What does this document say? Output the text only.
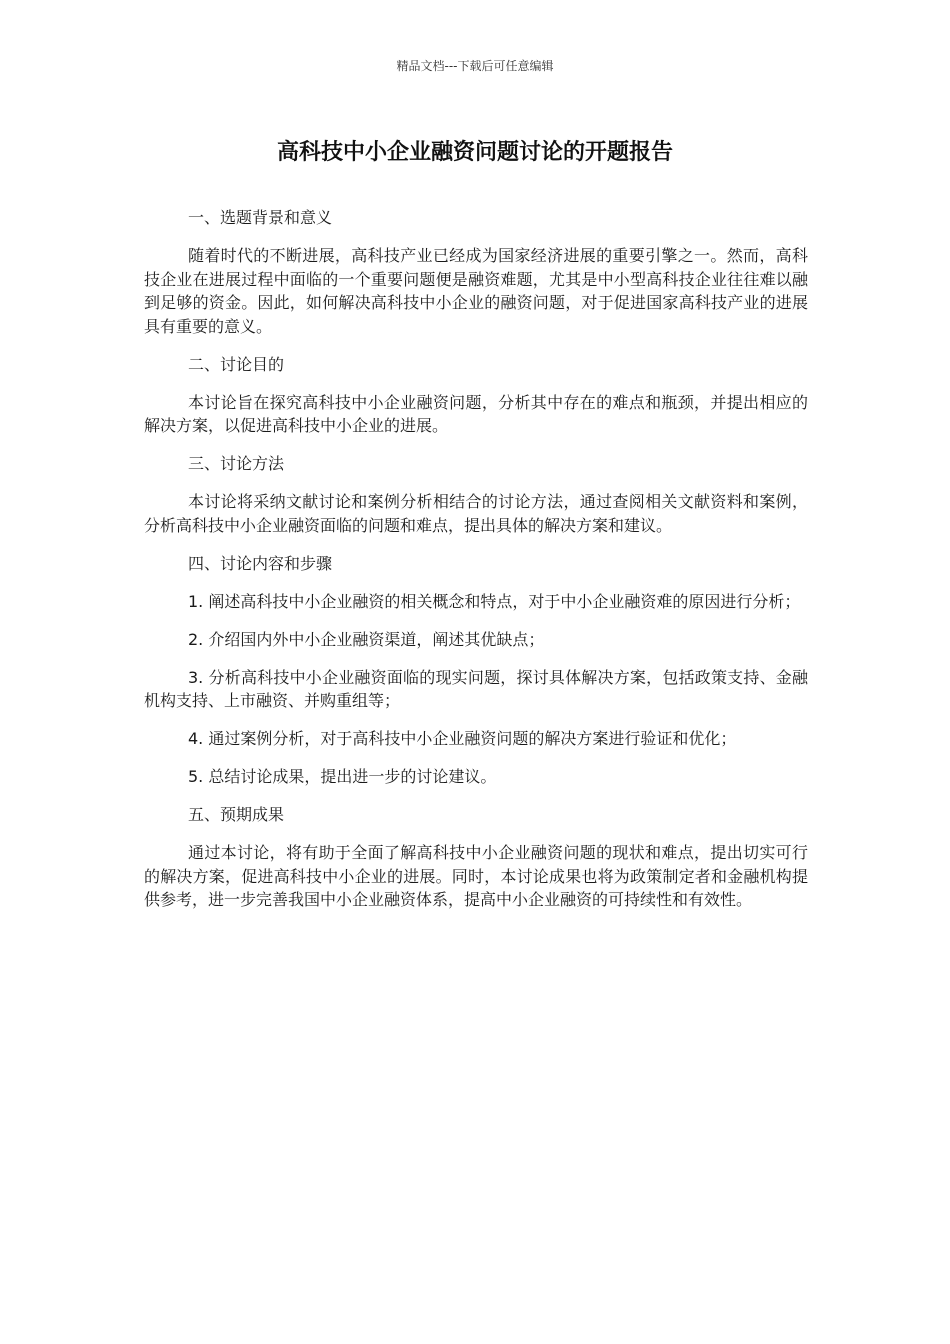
精品文档---下载后可任意编辑
高科技中小企业融资问题讨论的开题报告

一、选题背景和意义

随着时代的不断进展，高科技产业已经成为国家经济进展的重要引擎之一。然而，高科技企业在进展过程中面临的一个重要问题便是融资难题，尤其是中小型高科技企业往往难以融到足够的资金。因此，如何解决高科技中小企业的融资问题，对于促进国家高科技产业的进展具有重要的意义。

二、讨论目的

本讨论旨在探究高科技中小企业融资问题，分析其中存在的难点和瓶颈，并提出相应的解决方案，以促进高科技中小企业的进展。

三、讨论方法

本讨论将采纳文献讨论和案例分析相结合的讨论方法，通过查阅相关文献资料和案例，分析高科技中小企业融资面临的问题和难点，提出具体的解决方案和建议。

四、讨论内容和步骤

1. 阐述高科技中小企业融资的相关概念和特点，对于中小企业融资难的原因进行分析；

2. 介绍国内外中小企业融资渠道，阐述其优缺点；

3. 分析高科技中小企业融资面临的现实问题，探讨具体解决方案，包括政策支持、金融机构支持、上市融资、并购重组等；

4. 通过案例分析，对于高科技中小企业融资问题的解决方案进行验证和优化；

5. 总结讨论成果，提出进一步的讨论建议。

五、预期成果

通过本讨论，将有助于全面了解高科技中小企业融资问题的现状和难点，提出切实可行的解决方案，促进高科技中小企业的进展。同时，本讨论成果也将为政策制定者和金融机构提供参考，进一步完善我国中小企业融资体系，提高中小企业融资的可持续性和有效性。
